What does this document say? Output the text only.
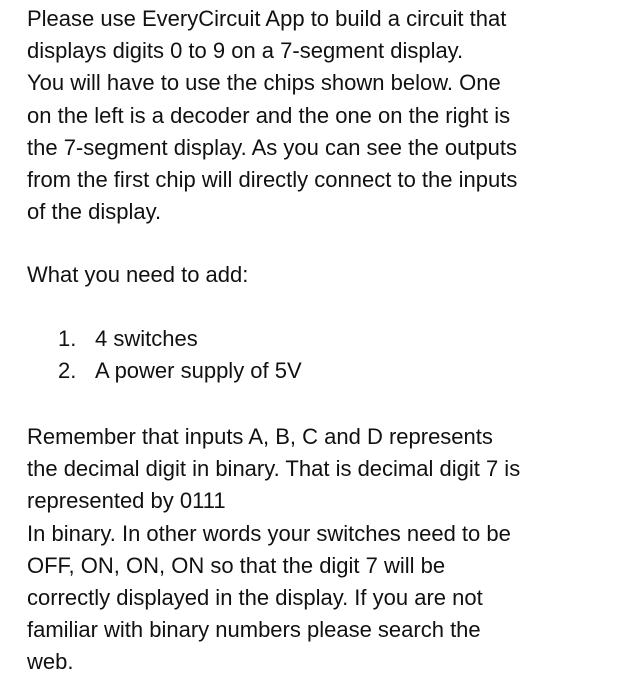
Please use EveryCircuit App to build a circuit that
displays digits 0 to 9 on a 7-segment display.
You will have to use the chips shown below. One
on the left is a decoder and the one on the right is
the 7-segment display. As you can see the outputs
from the first chip will directly connect to the inputs
of the display.

What you need to add:

1. 4 switches
2. A power supply of 5V

Remember that inputs A, B, C and D represents
the decimal digit in binary. That is decimal digit 7 is
represented by 0111
In binary. In other words your switches need to be
OFF, ON, ON, ON so that the digit 7 will be
correctly displayed in the display. If you are not
familiar with binary numbers please search the
web.
